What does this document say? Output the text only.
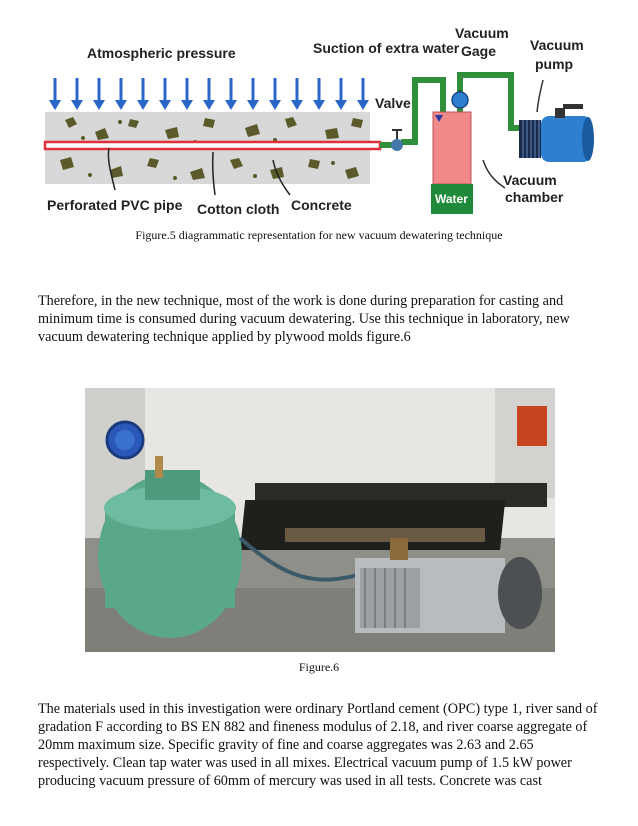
Atmospheric pressure
Valve
Vacuum
Gage
Suction of extra water
Water
Vacuum
chamber
Vacuum
pump
Perforated PVC pipe Cotton cloth Concrete
Figure.5 diagrammatic representation for new vacuum dewatering technique

Therefore, in the new technique, most of the work is done during preparation for casting and minimum time is consumed during vacuum dewatering. Use this technique in laboratory, new vacuum dewatering technique applied by plywood molds figure.6

Figure.6

The materials used in this investigation were ordinary Portland cement (OPC) type 1, river sand of gradation F according to BS EN 882 and fineness modulus of 2.18, and river coarse aggregate of 20mm maximum size. Specific gravity of fine and coarse aggregates was 2.63 and 2.65 respectively. Clean tap water was used in all mixes. Electrical vacuum pump of 1.5 kW power producing vacuum pressure of 60mm of mercury was used in all tests. Concrete was cast
